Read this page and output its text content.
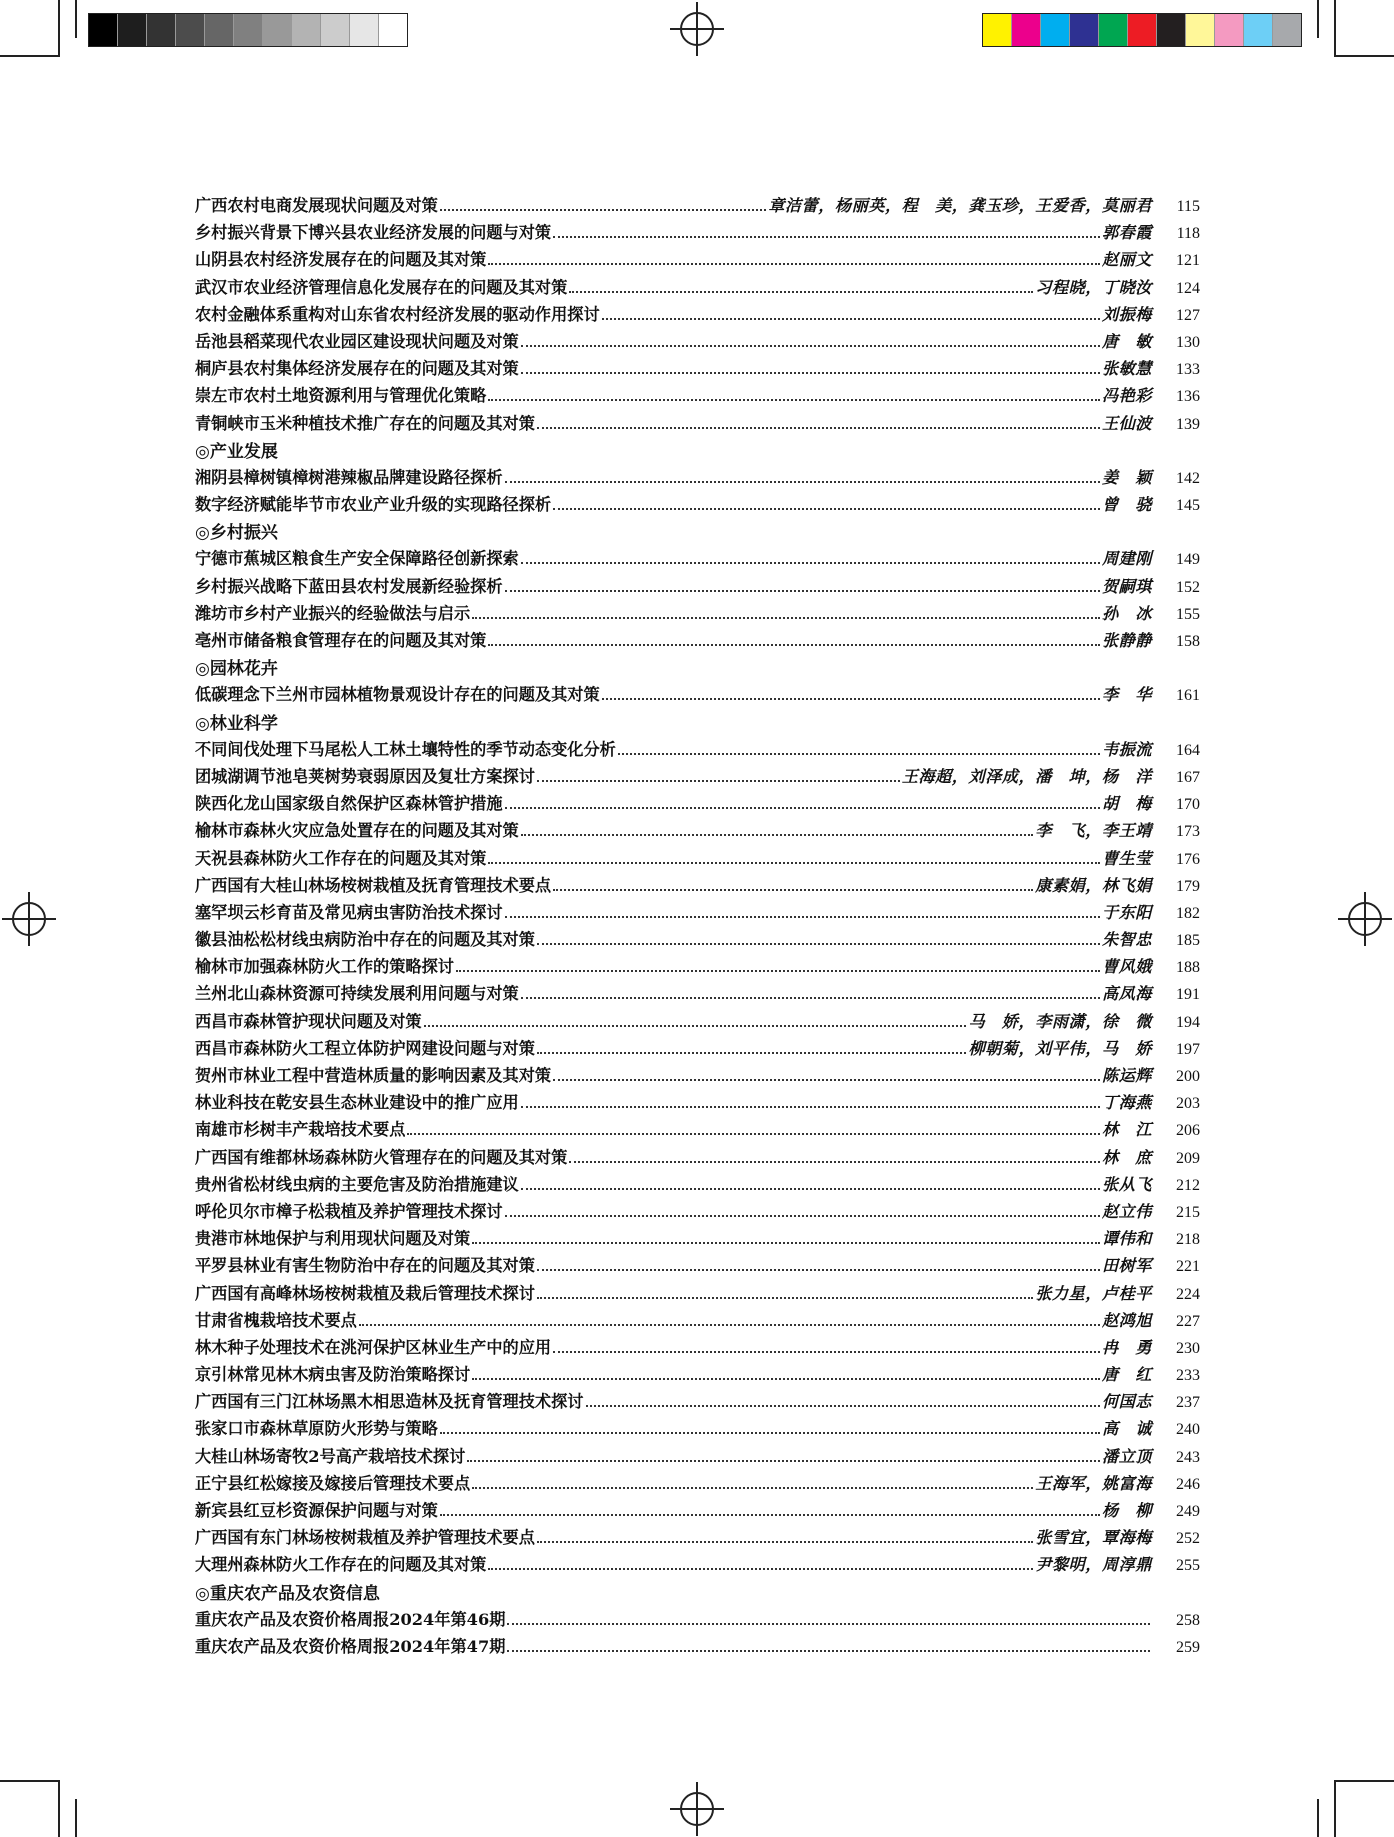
广西农村电商发展现状问题及对策	章洁蕾，杨丽英，程　美，龚玉珍，王爱香，莫丽君	115
乡村振兴背景下博兴县农业经济发展的问题与对策	郭春霞	118
山阴县农村经济发展存在的问题及其对策	赵丽文	121
武汉市农业经济管理信息化发展存在的问题及其对策	习程晓，丁晓汝	124
农村金融体系重构对山东省农村经济发展的驱动作用探讨	刘振梅	127
岳池县稻菜现代农业园区建设现状问题及对策	唐　敏	130
桐庐县农村集体经济发展存在的问题及其对策	张敏慧	133
崇左市农村土地资源利用与管理优化策略	冯艳彩	136
青铜峡市玉米种植技术推广存在的问题及其对策	王仙波	139
◎产业发展
湘阴县樟树镇樟树港辣椒品牌建设路径探析	姜　颖	142
数字经济赋能毕节市农业产业升级的实现路径探析	曾　骁	145
◎乡村振兴
宁德市蕉城区粮食生产安全保障路径创新探索	周建刚	149
乡村振兴战略下蓝田县农村发展新经验探析	贺嗣琪	152
潍坊市乡村产业振兴的经验做法与启示	孙　冰	155
亳州市储备粮食管理存在的问题及其对策	张静静	158
◎园林花卉
低碳理念下兰州市园林植物景观设计存在的问题及其对策	李　华	161
◎林业科学
不同间伐处理下马尾松人工林土壤特性的季节动态变化分析	韦振流	164
团城湖调节池皂荚树势衰弱原因及复壮方案探讨	王海超，刘泽成，潘　坤，杨　洋	167
陕西化龙山国家级自然保护区森林管护措施	胡　梅	170
榆林市森林火灾应急处置存在的问题及其对策	李　飞，李王靖	173
天祝县森林防火工作存在的问题及其对策	曹生莹	176
广西国有大桂山林场桉树栽植及抚育管理技术要点	康素娟，林飞娟	179
塞罕坝云杉育苗及常见病虫害防治技术探讨	于东阳	182
徽县油松松材线虫病防治中存在的问题及其对策	朱智忠	185
榆林市加强森林防火工作的策略探讨	曹风娥	188
兰州北山森林资源可持续发展利用问题与对策	高凤海	191
西昌市森林管护现状问题及对策	马　娇，李雨潇，徐　微	194
西昌市森林防火工程立体防护网建设问题与对策	柳朝菊，刘平伟，马　娇	197
贺州市林业工程中营造林质量的影响因素及其对策	陈运辉	200
林业科技在乾安县生态林业建设中的推广应用	丁海燕	203
南雄市杉树丰产栽培技术要点	林　江	206
广西国有维都林场森林防火管理存在的问题及其对策	林　庶	209
贵州省松材线虫病的主要危害及防治措施建议	张从飞	212
呼伦贝尔市樟子松栽植及养护管理技术探讨	赵立伟	215
贵港市林地保护与利用现状问题及对策	谭伟和	218
平罗县林业有害生物防治中存在的问题及其对策	田树军	221
广西国有高峰林场桉树栽植及栽后管理技术探讨	张力星，卢桂平	224
甘肃省槐栽培技术要点	赵鸿旭	227
林木种子处理技术在洮河保护区林业生产中的应用	冉　勇	230
京引林常见林木病虫害及防治策略探讨	唐　红	233
广西国有三门江林场黑木相思造林及抚育管理技术探讨	何国志	237
张家口市森林草原防火形势与策略	高　诚	240
大桂山林场寄牧2号高产栽培技术探讨	潘立顶	243
正宁县红松嫁接及嫁接后管理技术要点	王海军，姚富海	246
新宾县红豆杉资源保护问题与对策	杨　柳	249
广西国有东门林场桉树栽植及养护管理技术要点	张雪宜，覃海梅	252
大理州森林防火工作存在的问题及其对策	尹黎明，周淳鼎	255
◎重庆农产品及农资信息
重庆农产品及农资价格周报2024年第46期	258
重庆农产品及农资价格周报2024年第47期	259
